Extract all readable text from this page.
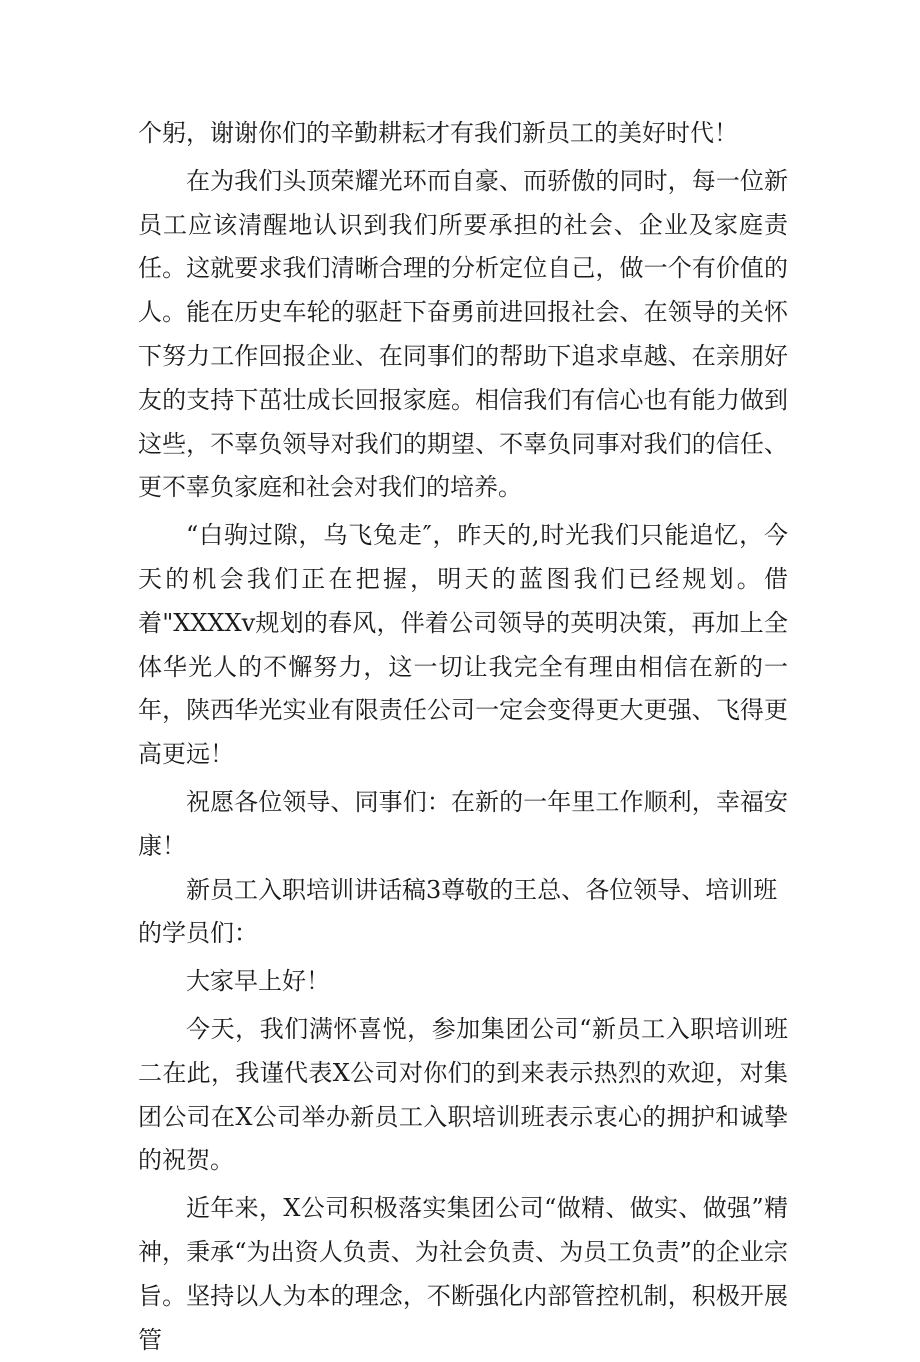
个躬，谢谢你们的辛勤耕耘才有我们新员工的美好时代！

在为我们头顶荣耀光环而自豪、而骄傲的同时，每一位新员工应该清醒地认识到我们所要承担的社会、企业及家庭责任。这就要求我们清晰合理的分析定位自己，做一个有价值的人。能在历史车轮的驱赶下奋勇前进回报社会、在领导的关怀下努力工作回报企业、在同事们的帮助下追求卓越、在亲朋好友的支持下茁壮成长回报家庭。相信我们有信心也有能力做到这些，不辜负领导对我们的期望、不辜负同事对我们的信任、更不辜负家庭和社会对我们的培养。

“白驹过隙，乌飞兔走″，昨天的,时光我们只能追忆，今天的机会我们正在把握，明天的蓝图我们已经规划。借着"XXXXv规划的春风，伴着公司领导的英明决策，再加上全体华光人的不懈努力，这一切让我完全有理由相信在新的一年，陕西华光实业有限责任公司一定会变得更大更强、飞得更高更远！

祝愿各位领导、同事们：在新的一年里工作顺利，幸福安康！

新员工入职培训讲话稿3尊敬的王总、各位领导、培训班的学员们：

大家早上好！

今天，我们满怀喜悦，参加集团公司“新员工入职培训班二在此，我谨代表X公司对你们的到来表示热烈的欢迎，对集团公司在X公司举办新员工入职培训班表示衷心的拥护和诚挚的祝贺。

近年来，X公司积极落实集团公司“做精、做实、做强”精神，秉承“为出资人负责、为社会负责、为员工负责”的企业宗旨。坚持以人为本的理念，不断强化内部管控机制，积极开展管
